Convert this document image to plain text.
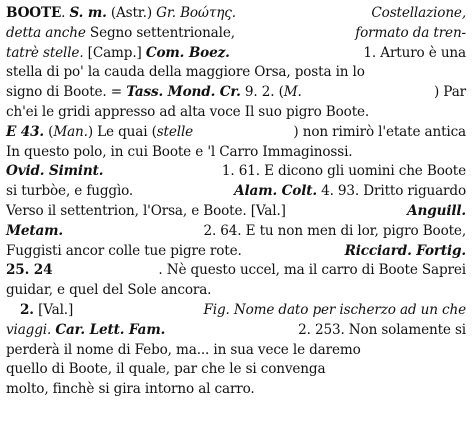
BOOTE. S. m. (Astr.) Gr. Βοώτης.	Costellazione,
detta anche Segno settentrionale,	formato da tren-
tatrè stelle. [Camp.] Com. Boez.	1. Arturo è una
stella di po' la cauda della maggiore Orsa, posta in lo
signo di Boote. = Tass. Mond. Cr. 9. 2. (M.	) Par
ch'ei le gridi appresso ad alta voce Il suo pigro Boote.
E 43. (Man.) Le quai (stelle	) non rimirò l'etate antica
In questo polo, in cui Boote e 'l Carro Immaginossi.
Ovid. Simint.	1. 61. E dicono gli uomini che Boote
si turbòe, e fuggìo.	Alam. Colt. 4. 93. Dritto riguardo
Verso il settentrion, l'Orsa, e Boote. [Val.]	Anguill.
Metam.	2. 64. E tu non men di lor, pigro Boote,
Fuggisti ancor colle tue pigre rote.	Ricciard. Fortig.
25. 24	. Nè questo uccel, ma il carro di Boote Saprei
guidar, e quel del Sole ancora.
2. [Val.]	Fig. Nome dato per ischerzo ad un che
viaggi. Car. Lett. Fam.	2. 253. Non solamente si
perderà il nome di Febo, ma... in sua vece le daremo
quello di Boote, il quale, par che le si convenga
molto, finchè si gira intorno al carro.
